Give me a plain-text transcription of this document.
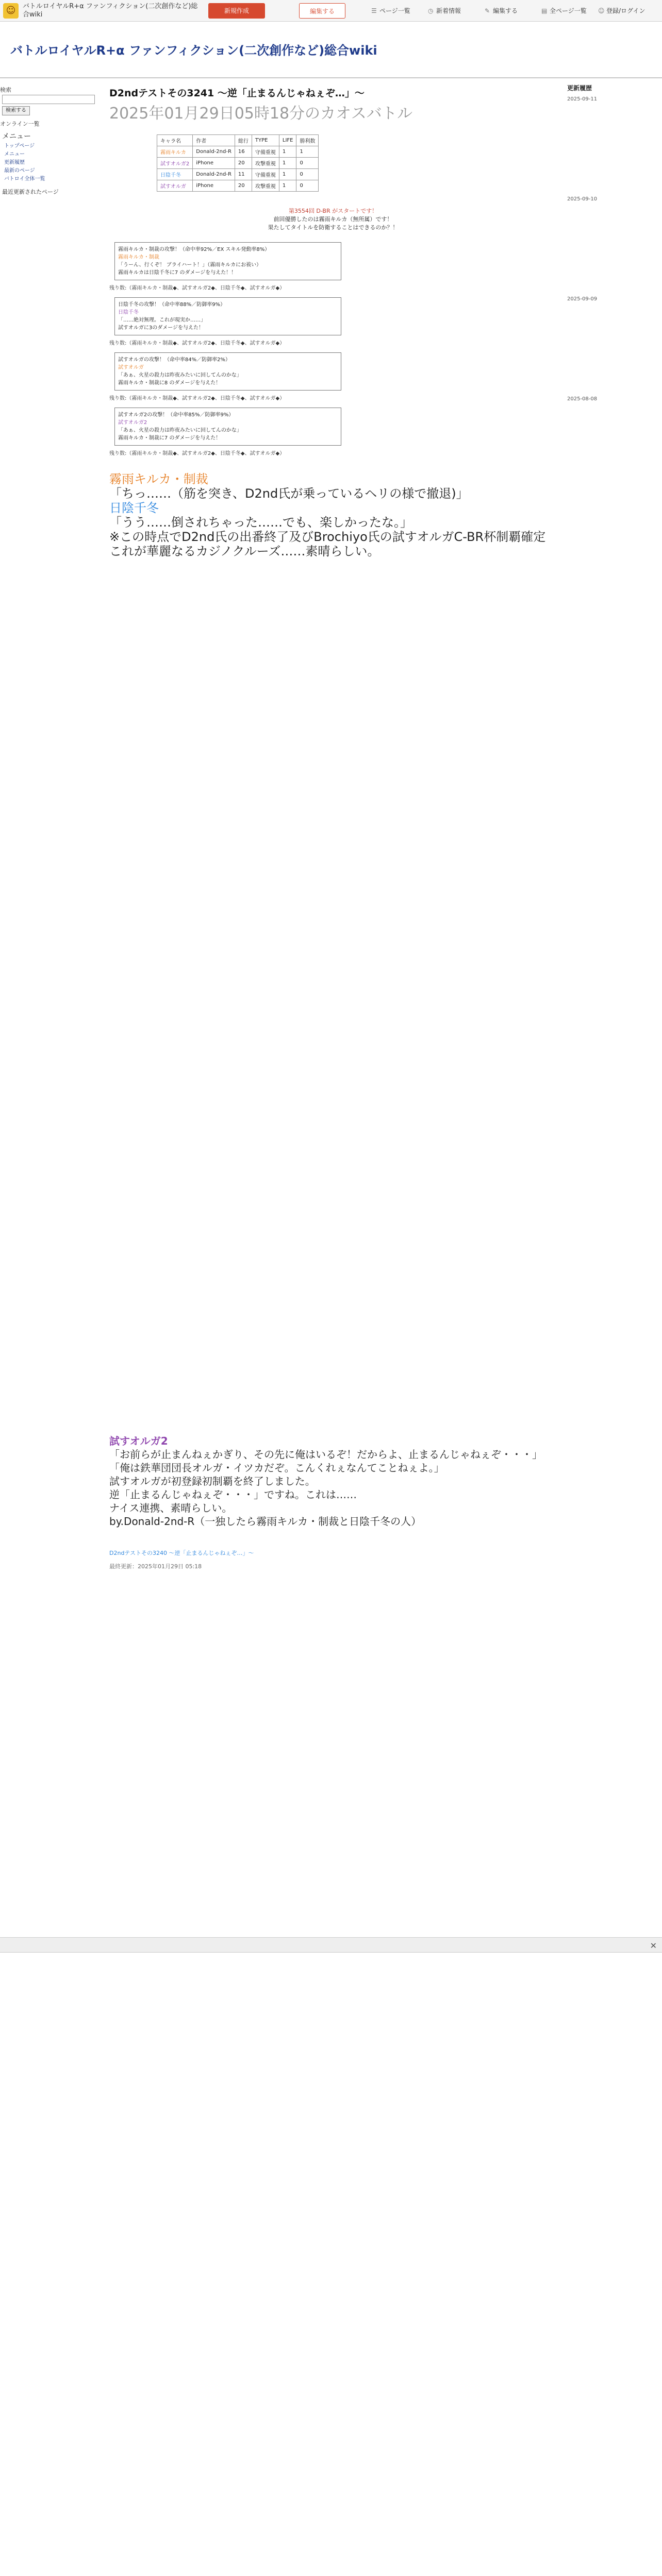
☺	バトルロイヤルR+α ファンフィクション(二次創作など)総合wiki	新規作成	編集する	☰ ページ一覧	◷ 新着情報	✎ 編集する	▤ 全ページ一覧 ☺ 登録/ログイン
バトルロイヤルR+α ファンフィクション(二次創作など)総合wiki
検索
検索する
オンライン一覧
メニュー
トップページ
メニュー
更新履歴
最新のページ
バトロイ全体一覧
最近更新されたページ
更新履歴
2025-09-11
2025-09-10
2025-09-09
2025-08-08
D2ndテストその3241 ～逆「止まるんじゃねぇぞ…」～
2025年01月29日05時18分のカオスバトル
キャラ名	作者	総行	TYPE	LIFE	勝利数
霧雨キルカ	Donald-2nd-R	16	守備重視	1	1
試すオルガ2	iPhone	20	攻撃重視	1	0
日陰千冬	Donald-2nd-R	11	守備重視	1	0
試すオルガ	iPhone	20	攻撃重視	1	0
第3554回 D-BR がスタートです！
前回優勝したのは霧雨キルカ（無所属）です！
果たしてタイトルを防衛することはできるのか？！
霧雨キルカ・制裁の攻撃！（命中率92%／EX スキル発動率8%）
霧雨キルカ・制裁
「うーん、行くぞ！ ブライハート！」（霧雨キルカにお祓い）
霧雨キルカは日陰千冬に7 のダメージを与えた！！
残り数:（霧雨キルカ・制裁◆、試すオルガ2◆、日陰千冬◆、試すオルガ◆）
日陰千冬の攻撃！（命中率88%／防御率9%）
日陰千冬
「……絶対無理。これが現実か……」
試すオルガに3のダメージを与えた！
残り数:（霧雨キルカ・制裁◆、試すオルガ2◆、日陰千冬◆、試すオルガ◆）
試すオルガの攻撃！（命中率84%／防御率2%）
試すオルガ
「あぁ、火星の殺力は昨夜みたいに回してんのかな」
霧雨キルカ・制裁に8 のダメージを与えた！
残り数:（霧雨キルカ・制裁◆、試すオルガ2◆、日陰千冬◆、試すオルガ◆）
試すオルガ2の攻撃！（命中率85%／防御率9%）
試すオルガ2
「あぁ、火星の殺力は昨夜みたいに回してんのかな」
霧雨キルカ・制裁に7 のダメージを与えた！
残り数:（霧雨キルカ・制裁◆、試すオルガ2◆、日陰千冬◆、試すオルガ◆）
霧雨キルカ・制裁
「ちっ……（筋を突き、D2nd氏が乗っているヘリの様で撤退)」
日陰千冬
「うう……倒されちゃった……でも、楽しかったな。」
※この時点でD2nd氏の出番終了及びBrochiyo氏の試すオルガC-BR杯制覇確定
これが華麗なるカジノクルーズ……素晴らしい。
試すオルガ2
「お前らが止まんねぇかぎり、その先に俺はいるぞ！だからよ、止まるんじゃねぇぞ・・・」
「俺は鉄華団団長オルガ・イツカだぞ。こんくれぇなんてことねぇよ。」
試すオルガが初登録初制覇を終了しました。
逆「止まるんじゃねぇぞ・・・」ですね。これは……
ナイス連携、素晴らしい。
by.Donald-2nd-R（一独したら霧雨キルカ・制裁と日陰千冬の人）
D2ndテストその3240 ～逆「止まるんじゃねぇぞ…」～
最終更新：2025年01月29日 05:18
✕
